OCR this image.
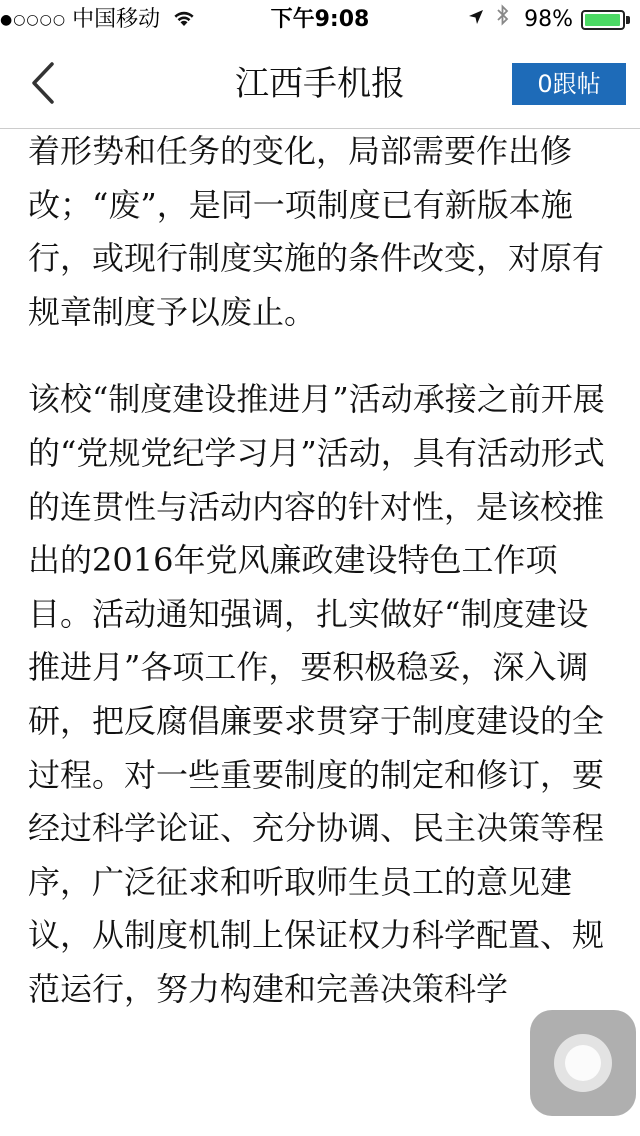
●○○○○ 中国移动	下午9:08	98%
江西手机报	0跟帖

着形势和任务的变化，局部需要作出修改；“废”，是同一项制度已有新版本施行，或现行制度实施的条件改变，对原有规章制度予以废止。

该校“制度建设推进月”活动承接之前开展的“党规党纪学习月”活动，具有活动形式的连贯性与活动内容的针对性，是该校推出的2016年党风廉政建设特色工作项目。活动通知强调，扎实做好“制度建设推进月”各项工作，要积极稳妥，深入调研，把反腐倡廉要求贯穿于制度建设的全过程。对一些重要制度的制定和修订，要经过科学论证、充分协调、民主决策等程序，广泛征求和听取师生员工的意见建议，从制度机制上保证权力科学配置、规范运行，努力构建和完善决策科学
